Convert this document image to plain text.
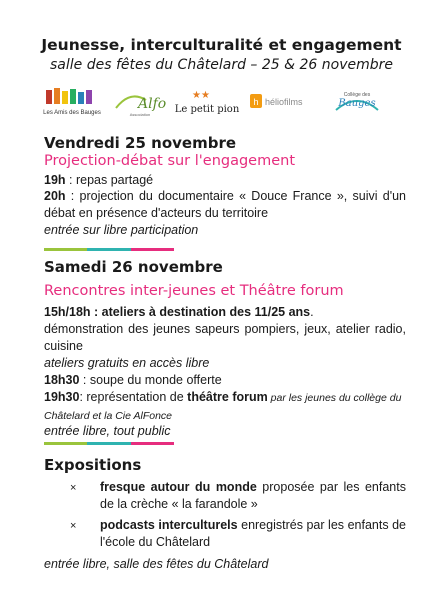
Jeunesse, interculturalité et engagement
salle des fêtes du Châtelard – 25 & 26 novembre
Les Amis des Bauges
Alfo
Association
★★
Le petit pion
h héliofilms
Collège des
Bauges
Vendredi 25 novembre
Projection-débat sur l'engagement
19h : repas partagé
20h : projection du documentaire « Douce France », suivi d'un débat en présence d'acteurs du territoire
entrée sur libre participation
Samedi 26 novembre
Rencontres inter-jeunes et Théâtre forum
15h/18h : ateliers à destination des 11/25 ans.
démonstration des jeunes sapeurs pompiers, jeux, atelier radio, cuisine
ateliers gratuits en accès libre
18h30 : soupe du monde offerte
19h30: représentation de théâtre forum par les jeunes du collège du Châtelard et la Cie AlFonce
entrée libre, tout public
Expositions
× fresque autour du monde proposée par les enfants de la crèche « la farandole »
× podcasts interculturels enregistrés par les enfants de l'école du Châtelard
entrée libre, salle des fêtes du Châtelard
